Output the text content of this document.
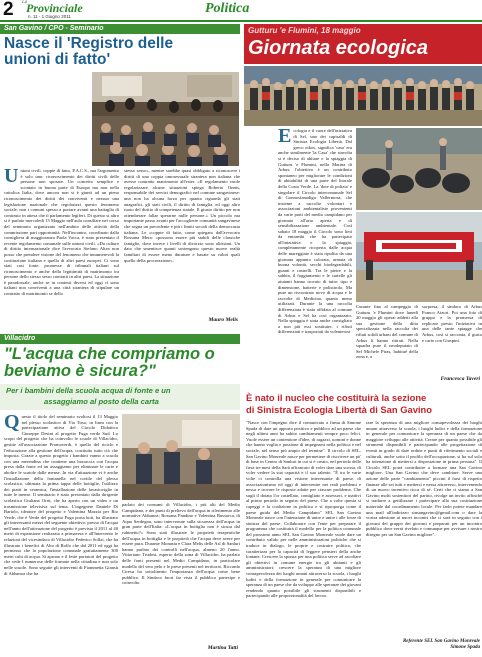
2 La
Provinciale
n. 11 - 1 Giugno 2011
Politica
San Gavino / CPO - Seminario
Nasce il 'Registro delle
unioni di fatto'
U nioni civili, coppie di fatto, P.A.C.S., ma l'argomento è solo uno: riconoscimento dei diritti civili delle persone non sposate. Un concetto semplice e scontato in buona parte di Europa ma non nella cattolica Italia, dove ancora non si è giunti ad un pieno riconoscimento dei diritti dei conviventi e nessun una legislazione nazionale che regolarizzi questo fenomeno sociale, non i comuni spesso a portare avanti una battaglia di contrasto in attesa che il parlamento legiferi. Di questo si altro si è parlato mercoledì 15 Maggio nell'aula consiliare nel corso del seminario organizzato nell'ambito delle attività della commissione pari opportunità. Nell'incontro, coordinato dalla consigliera di maggioranza Paola Vacca, è stato presentato il recente regolamento comunale sulle unioni civili. «Da culture di diritto internazionale dice l'avvocato Stefano Altea non posso che prendere visione del fenomeno che innumerevoli la costituzione italiana e quella di altri paesi europei. Ci sono stati casi fonte, promesse di tribunali italiani sul riconoscimento e anche della legittimità di matrimonio tra persone dello stesso sesso contratti in altri paesi. La situazione è paradossale, anche se in contesti diversi ed oggi ci sono italiani non conviventi a una città straniera di stipulare un contratto di matrimonio se dello
stesso sesso», mentre sarebbe quasi obbligato a riconoscere i diritti di una coppia omosessuale straniera non italiana che avesse contratto matrimonio all'ester. «Il regolamento vuole regolarizzare alcune situazioni spiega Roberto Onnis, responsabile dei servizi demografici nel comune sangavinese: una non ha alcuna forza per quanto riguarda gli stati anagrafici, gli stati civili, il diritto di famiglia, ed oggi altro ruoto del diritto di competenza statale. Il giusto diritto per non ottemberare fallar sperarne nulle persone.» Un piccolo ma importante passo avanti per l'accoglierte comunità sangavinese che segna un precedente e più i limiti sociali della democrazia italiana. Le «coppie di fatto, come spiegato dall'avvocato Rossana Mera: «possono essere più stabili delle classiche famiglie, dove invece i livelli di divorzio sono altissimi. Un dato che smentisce quanti sostengono questo nuove realtà familiari di essere meno durature e basate su valori quali quello della procreazione».
Mauro Melis
Gutturu 'e Flumini, 18 maggio
Giornata ecologica
E cologia e il cuore dell'iniziativa di Sel, uno dei capisaldi di Sinistra Ecologia Libertà. Dal greco oikos, significa 'casa' era anche similmente 'la Casa' che stavolta si è deciso di abitare e la spiaggia di Gutturu 'e Flumini, nella Marina di Arbus, l'obiettivo è un contributo spontaneo per migliorare le condizioni di abitabilità di una parte del litorale della Costa Verde. La 'dote di polizia' e singolare il Circolo intercomunale Sel di Gonnosfanadiga Vallermosa, che insieme a raccolto volontari e associazioni ambientaliste provenienti da varie parti del medio campidano per giornata all'aria aperta e di sensibilizzazione ambientale. Così sabato 18 maggio il Circolo sono lieti da entrambi che ha partecipato all'iniziativa e la spiaggia, completamente ricoperta dalle acqua delle mareggiate è stata ripulita da una giornata appunto colorata, armata di buona volontà, secchi biodegradabili, guanti e rastrelli. Tra le pietre e la sabbia, il foggiamento e le cartelle gli aiutanti hanno trovato di tutto: tipo e dimensione, batterie e polistirolo. Ma pure un riscontrato novo di acqua e le raccolte di Medicina, quanto meno utilizzati. Durante la una raccolta differenziata è stata affidata al comune di Arbus e Sel ha così organizzato. Nella spiaggia è stata anche consigliato a non più essi sostituire, i rifiuti differenziati e trasportati da volenterosi
Curante fino al campeggio di Gutturu 'e Flumini dove lunedì 20 maggio gli operai addetti alla sua gestione della ditta specializzata nella raccolta dei rifiuti solidi urbani del comune di Arbus li hanno ritirati. Nella squadra pure il neodeputato di Sel Michele Piras, habitué della zona e, a
sorpresa, il sindaco di Arbus Franco Atzori. Poi una foto di gruppo e la promessa di replicare presto l'iniziativa in una delle tante spiagge che Arbus, così si racconta, il gusto e carte con Giuspini.
Francesca Taveri
Villacidro
"L'acqua che compriamo o
beviamo è sicura?"
Per i bambini della scuola acqua di fonte e un
assaggiamo al posto della carta
Q uesto il titolo del seminario svoltosi il 13 Maggio nel plesso scolastico di Via Tirso, in linea con la partecipazione attiva del Circolo Didattico Giuseppe Desini al progetto Fuga verde Sud. Lo scopo del progetto che ha coinvolto le scuole di Villacidro, gestite all'associazione Promoverdi, è quello del riciclo e l'educazione alla gestione dell'acqua, costituito tutto ciò che imposta. Grazie a questo progetto i bambini vanno a scuola con una merendina che contiene una borraccia con l'acqua presa dalla fonte ed un assaggiamo per eliminare le carte e abolire le scatole dalle mense. In via d'attuazione vi è anche l'installazione della fontanella nel cortile del plesso scolastico, ultimata la prima tappa delle bottiglie, l'utilizzo dei piatti in ceramica, l'installazione delle lavastoviglie in tutte le mense. Il seminario è stato presentato dalla dirigente scolastica Giuliana Orrù, che ha aperto con un video e un trasmissione televisiva sul tema. L'ingegnere Daniele Di Bartolo, ideatore del progetto e Valentina Mazzia per Rio Verde, che è Verde del progetto Fuga porta bott, ha illustrato gli interessanti mezzi del seguente obiettivo: presso di l'acqua nell'anno dell'attivazione del progetto è prevista il 2011 al 40 metri di espansione realizzata a primavera e all'Intervento le relazioni del vicesindaco di Villacidro Federico Sollai, che ha illustrato i benefici di Alto di Rolfo che dal 2011 ed oggi ha permesso che la popolazione comunale gratuitamente 300 metri cubi di acqua. Si aprono e il feste portatori del progetto che vede I numerose delle formate nella cittadina e non solo nelle scuole. Sono seguite gli interventi di Fiammetta Giansù di Abbanoa che ha
parlato dei consumi di Villacidro, i più alti del Medio Campidano, e dei punti di prelievo dell'acqua in riferimento alle normative Abbanoa; Rossana Pandino e Valentina Bussorca, di Aqua Serdegna, sono intervenute sulla sicurezza dell'acqua in gran parte dell'Italia: «L'acqua in bottiglia non è sicura dal rubinetto?» Sono stati illustrate le proprietà terapeutiche dell'acqua in bottiglia e le proprietà che l'acqua deve avere per essere pura. Durante Monasta e Clara Melis delle Asl di Sanluri hanno parlato dei controlli nell'acqua, almeno 20 l'anno. Vittoriano Trudosi, esperto della zona di Villacidro, ha parlato delle fonti presenti nel Medio Campidano, in particolare modello del vero pelo e le prese presenti nel territorio. Riccardo Ciresu ha sottolineato l'importanza dell'acqua come bene pubblico. Il Sindaco fuori far vista il pubblico partecipe e coinvolto.
Martina Tatti
È nato il nucleo che costituirà la sezione
di Sinistra Ecologia Libertà di San Gavino
"Nasce con l'impegno dice il comunicato a firma di Simone Spada di dare un apporto positivo e pubblico ad un paese che negli ultimi anni ha subito cambiamenti sempre poco felici. Vuole essere un contenitore d'idee, di ragazzi, uomini e donne che hanno voglia e passione di impegnarsi nella politica e nel sociale, nel senso più ampio del termine". Il circolo di SEL, San Gavino Monreale nasce per permettere di riscrivere un pò' di base in Centro di Sanluri in cui si è creato, nel periodo delle fiera tre mesi della Sarà affrancato di voler dare una scossa, di voler vedere la sua capacità e il suo talento. "È tra le varie volte ci controlla una visione interessante di paese, di associazionismo ed oggi di intervenire nei reali problemi e nessa e trovare le risposte adatte per ciascun problema. Che sugli il dotato l'or castellato, contigliato e assessori, e inattivi al primo periodo in seguiro del paese. Che a volte questa si capeggi e la coalizione in politica e si riproporga come il paese guida del Medio Campidano" SEL San Gavino Monreale nasce con l'intenzione di unire e unire i alle forze di sinistra del paese. Collaborare con l'ente per preparare il programma che costituirà il modello per la politica comunale del prossimo anno SEL San Gavino Monreale vuole dare un contributo valido per nelle amministrazioni politiche che si traduce in dialogo, le proprie e costruire politico, che caratterizza per la capacità di leggere pensieri della anche lontane. Crescere la sponsa per una politica serve ad ascoltare gli obiettivi in comune energie tra gli abitanti e gli amministratori; crescere la speranza di una migliore consapevolezza dei luoghi umani attraverso la scuola, i luoghi ludici e della formazione in generale per comunicare la speranza di un paese che da sviluppo alle speranze dei giovani rendendo quanto possibile gli strumenti disponibili e partecipando alle proporzionalità del lavoro.
rare la speranza di una migliore consapevolezza dei luoghi umani attraverso la scuola, i luoghi ludici e della formazione in generale per comunicare la speranza di un paese che da maggiore sviluppo alle attività. Creare per quanto possibile gli strumenti disponibili e partecipando alle progettazione di eventi in grado di dare ordine e punti di riferimento sociali e culturali, anche sotto il profilo dell'occupazione, si ha sul solo ha intenzione di mettersi a disposizione in prima persona". Il Circolo SEL potrà contribuire a formare una San Gavino migliore. Una San Gavino che deve cambiare. Serve una azione delle parte "cambiamento" piccini il farsi di rispetto finanze alle sei tutti e mettersi e nessa attraverso, intervenendo di un nuovo incentivo ricca di sé. Certi che ci siamo a San Gavino molti sostenitori del partito, rivolge un invito affinché si tradurre a gettilizzare i partecipare alla sua costituzione materiale dal coordinamento locale. Per farlo potete mandare una mail all'indirizzo sinsangavino@gmail.com o dare la vostra adesione ai nuovi incontri che ci sarà in seguito con i giovani del gruppo dei giovani e preparati per un incontro pubblico dove verrà rivelato e comunque per avvisare i nostro disegno per un San Gavino migliore".
Referente SEL San Gavino Monreale
Simone Spada
